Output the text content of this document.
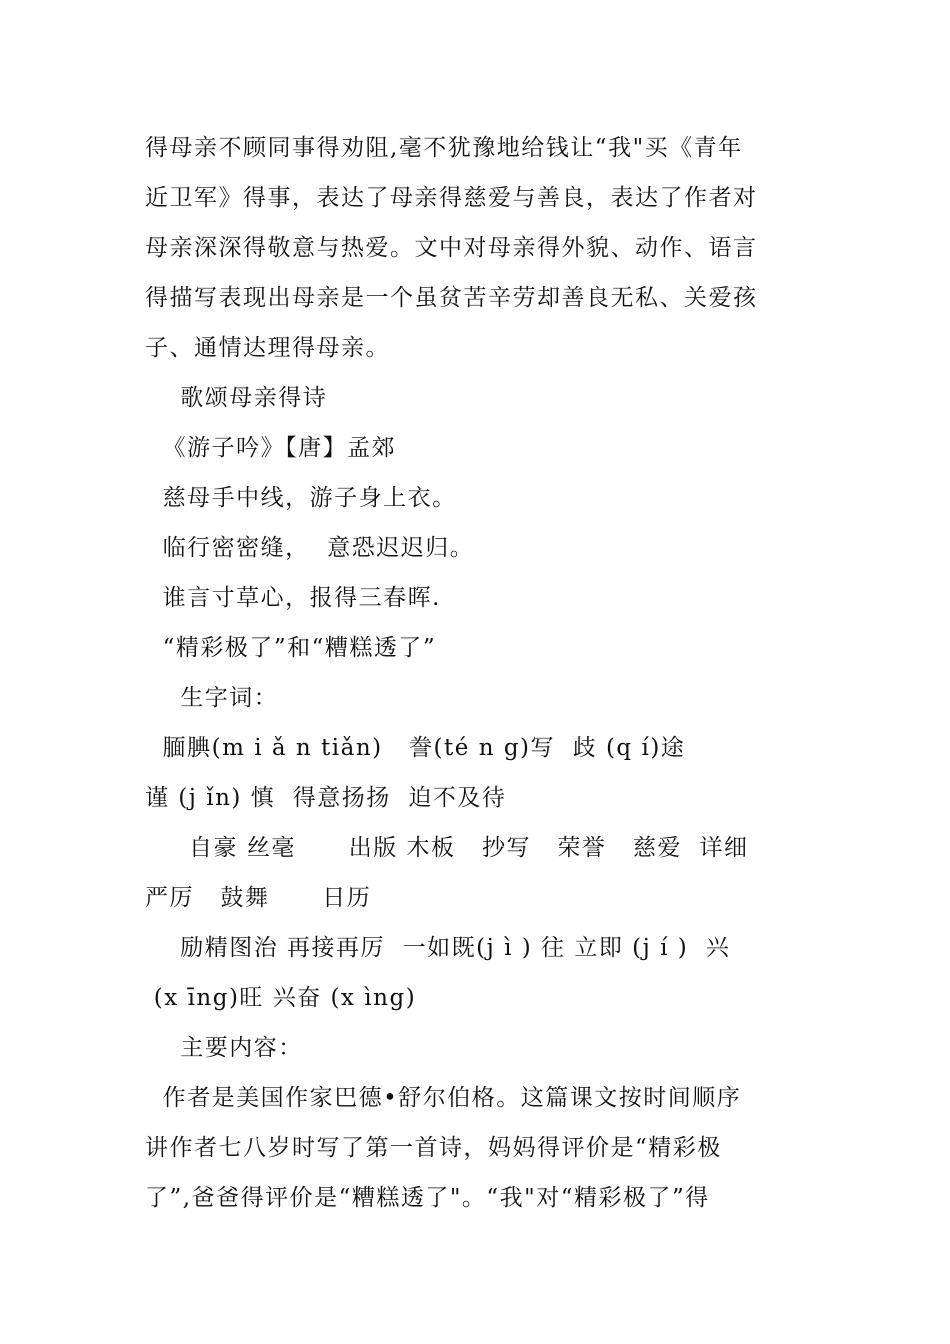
得母亲不顾同事得劝阻,毫不犹豫地给钱让“我"买《青年
近卫军》得事，表达了母亲得慈爱与善良，表达了作者对
母亲深深得敬意与热爱。文中对母亲得外貌、动作、语言
得描写表现出母亲是一个虽贫苦辛劳却善良无私、关爱孩
子、通情达理得母亲。
歌颂母亲得诗
《游子吟》【唐】孟郊
慈母手中线，游子身上衣。
临行密密缝，  意恐迟迟归。
谁言寸草心，报得三春晖.
“精彩极了”和“糟糕透了”
生字词：
腼腆(m i ǎ n tiǎn)   誊(té n g)写  歧 (q í)途
谨 (j ǐn) 慎  得意扬扬  迫不及待
自豪 丝毫      出版 木板   抄写   荣誉   慈爱  详细
严厉   鼓舞      日历
励精图治 再接再厉  一如既(j ì ) 往 立即 (j í )  兴
(x īng)旺 兴奋 (x ìng)
主要内容：
作者是美国作家巴德•舒尔伯格。这篇课文按时间顺序
讲作者七八岁时写了第一首诗，妈妈得评价是“精彩极
了”,爸爸得评价是“糟糕透了"。“我"对“精彩极了”得
